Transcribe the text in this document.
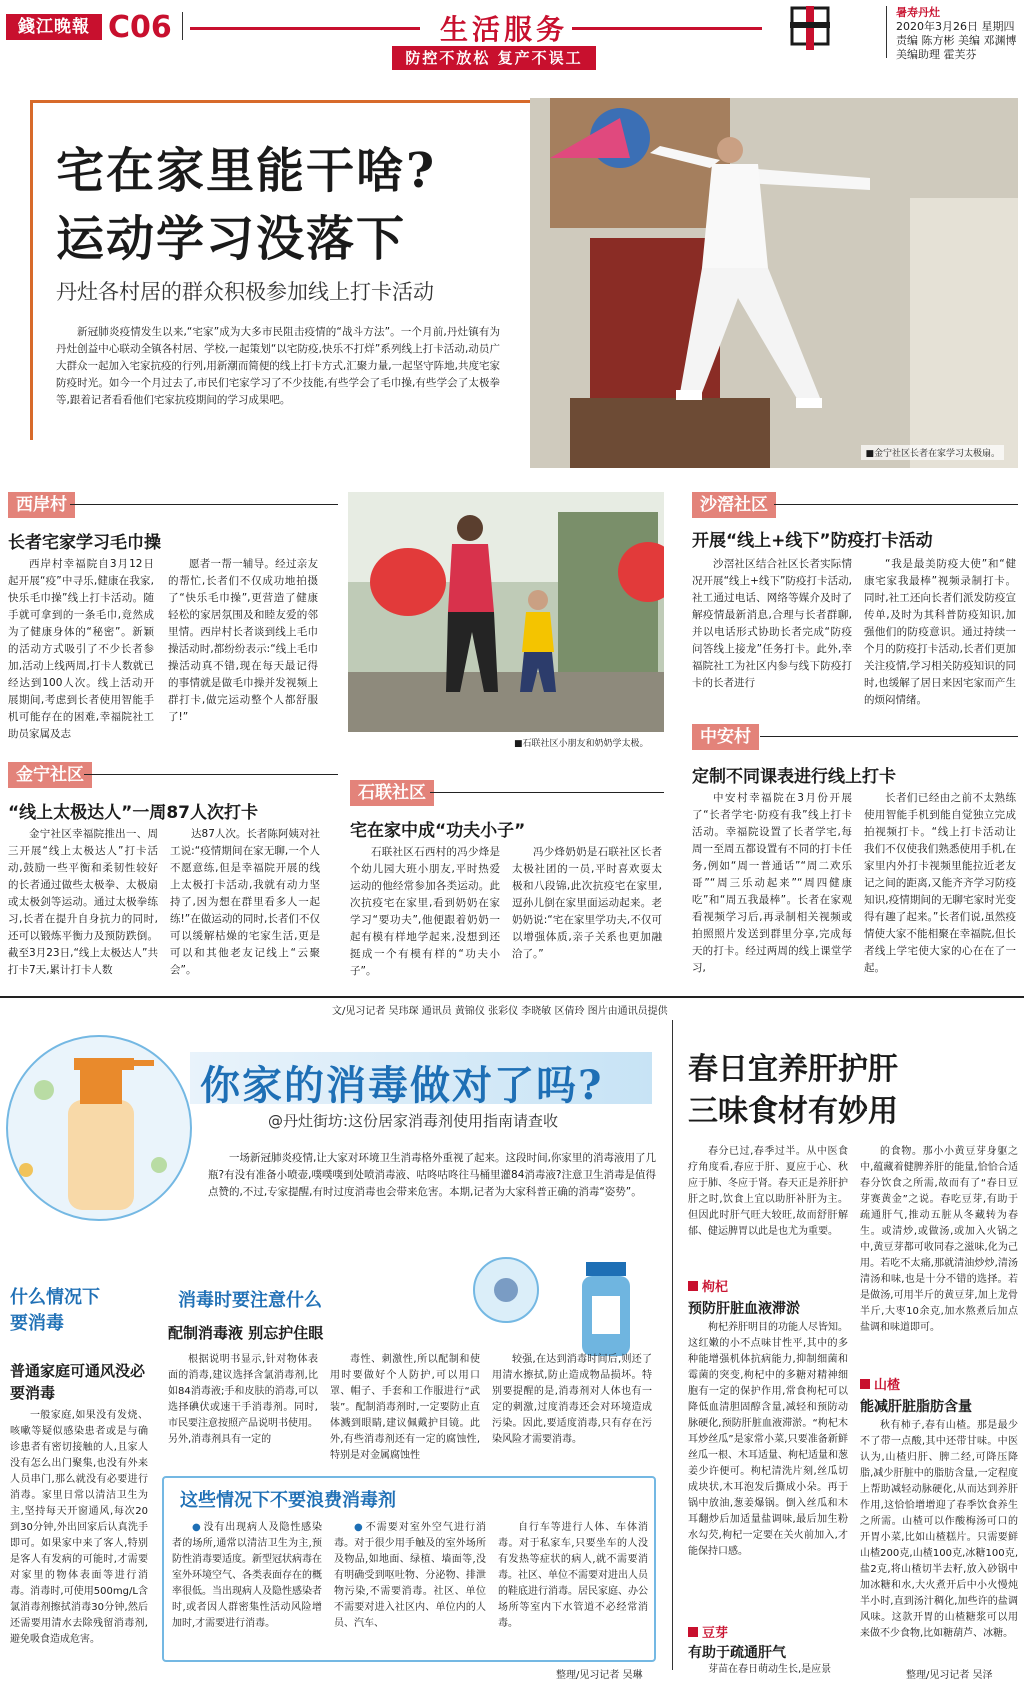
錢江晚報 C06	生活服务
防控不放松 复产不误工
暑寿丹灶
2020年3月26日 星期四
责编 陈方彬 美编 邓渊博
美编助理 霍芙芬
■金宁社区长者在家学习太极扇。
宅在家里能干啥?
运动学习没落下
丹灶各村居的群众积极参加线上打卡活动
新冠肺炎疫情发生以来,“宅家”成为大多市民阻击疫情的“战斗方法”。一个月前,丹灶镇有为丹灶创益中心联动全镇各村居、学校,一起策划“以宅防疫,快乐不打烊”系列线上打卡活动,动员广大群众一起加入宅家抗疫的行列,用新潮而简便的线上打卡方式,汇聚力量,一起坚守阵地,共度宅家防疫时光。如今一个月过去了,市民们宅家学习了不少技能,有些学会了毛巾操,有些学会了太极拳等,跟着记者看看他们宅家抗疫期间的学习成果吧。
西岸村
长者宅家学习毛巾操
西岸村幸福院自3月12日起开展“疫”中寻乐,健康在我家,快乐毛巾操”线上打卡活动。随手就可拿到的一条毛巾,竟然成为了健康身体的“秘密”。新颖的活动方式吸引了不少长者参加,活动上线两周,打卡人数就已经达到100人次。线上活动开展期间,考虑到长者使用智能手机可能存在的困难,幸福院社工助员家属及志
愿者一帮一辅导。经过亲友的帮忙,长者们不仅成功地拍摄了“快乐毛巾操”,更营造了健康轻松的家居氛围及和睦友爱的邻里情。西岸村长者谈到线上毛巾操活动时,都纷纷表示:“线上毛巾操活动真不错,现在每天最记得的事情就是做毛巾操并发视频上群打卡,做完运动整个人都舒服了!”
■石联社区小朋友和奶奶学太极。
沙滘社区
开展“线上+线下”防疫打卡活动
沙滘社区结合社区长者实际情况开展“线上+线下”防疫打卡活动,社工通过电话、网络等媒介及时了解疫情最新消息,合理与长者群聊,并以电话形式协助长者完成“防疫问答线上接龙”任务打卡。此外,幸福院社工为社区内参与线下防疫打卡的长者进行
“我是最美防疫大使”和“健康宅家我最棒”视频录制打卡。同时,社工还向长者们派发防疫宣传单,及时为其科普防疫知识,加强他们的防疫意识。通过持续一个月的防疫打卡活动,长者们更加关注疫情,学习相关防疫知识的同时,也缓解了居日来因宅家而产生的烦闷情绪。
中安村
定制不同课表进行线上打卡
中安村幸福院在3月份开展了“长者学宅·防疫有我”线上打卡活动。幸福院设置了长者学宅,每周一至周五都设置有不同的打卡任务,例如“周一普通话”“周二欢乐哥”“周三乐动起来”“周四健康吃”和“周五我最棒”。长者在家观看视频学习后,再录制相关视频或拍照照片发送到群里分享,完成每天的打卡。经过两周的线上课堂学习,
长者们已经由之前不太熟练使用智能手机到能自觉独立完成拍视频打卡。“线上打卡活动让我们不仅使我们熟悉使用手机,在家里内外打卡视频里能拉近老友记之间的距离,又能齐齐学习防疫知识,疫情期间的无聊宅家时光变得有趣了起来。”长者们说,虽然疫情使大家不能相聚在幸福院,但长者线上学宅使大家的心在在了一起。
金宁社区
“线上太极达人”一周87人次打卡
金宁社区幸福院推出一、周三开展“线上太极达人”打卡活动,鼓励一些平衡和柔韧性较好的长者通过做些太极拳、太极扇或太极剑等运动。通过太极拳练习,长者在提升自身抗力的同时,还可以锻炼平衡力及预防跌倒。截至3月23日,“线上太极达人”共打卡7天,累计打卡人数
达87人次。长者陈阿姨对社工说:“疫情期间在家无聊,一个人不愿意练,但是幸福院开展的线上太极打卡活动,我就有动力坚持了,因为想在群里看多人一起练!”在做运动的同时,长者们不仅可以缓解枯燥的宅家生活,更是可以和其他老友记线上“云聚会”。
石联社区
宅在家中成“功夫小子”
石联社区石西村的冯少烽是个幼儿园大班小朋友,平时热爱运动的他经常参加各类运动。此次抗疫宅在家里,看到奶奶在家学习“要功夫”,他便跟着奶奶一起有模有样地学起来,没想到还挺成一个有模有样的“功夫小子”。
冯少烽奶奶是石联社区长者太极社团的一员,平时喜欢耍太极和八段锦,此次抗疫宅在家里,逗孙儿倒在家里面运动起来。老奶奶说:“宅在家里学功夫,不仅可以增强体质,亲子关系也更加融洽了。”
文/见习记者 吴玮琛 通讯员 黄锦仪 张彩仪 李晓敏 区倩玲 图片由通讯员提供
你家的消毒做对了吗?
@丹灶街坊:这份居家消毒剂使用指南请查收
一场新冠肺炎疫情,让大家对环境卫生消毒格外重视了起来。这段时间,你家里的消毒液用了几瓶?有没有准备小喷壶,噗噗噗到处喷消毒液、咕咚咕咚往马桶里灌84消毒液?注意卫生消毒是值得点赞的,不过,专家提醒,有时过度消毒也会带来危害。本期,记者为大家科普正确的消毒“姿势”。
什么情况下要消毒
普通家庭可通风没必要消毒
一般家庭,如果没有发烧、咳嗽等疑似感染患者或是与确诊患者有密切接触的人,且家人没有怎么出门聚集,也没有外来人员串门,那么就没有必要进行消毒。家里日常以清洁卫生为主,坚持每天开窗通风,每次20到30分钟,外出回家后认真洗手即可。如果家中来了客人,特别是客人有发病的可能时,才需要对家里的物体表面等进行消毒。消毒时,可使用500mg/L含氯消毒剂擦拭消毒30分钟,然后还需要用清水去除残留消毒剂,避免吸食造成危害。
消毒时要注意什么
配制消毒液 别忘护住眼
根据说明书显示,针对物体表面的消毒,建议选择含氯消毒剂,比如84消毒液;手和皮肤的消毒,可以选择碘伏或速干手消毒剂。同时,市民要注意按照产品说明书使用。另外,消毒剂具有一定的
毒性、刺激性,所以配制和使用时要做好个人防护,可以用口罩、帽子、手套和工作服进行“武装”。配制消毒剂时,一定要防止直体溅到眼睛,建议佩戴护目镜。此外,有些消毒剂还有一定的腐蚀性,特别是对金属腐蚀性
较强,在达到消毒时间后,则还了用清水擦拭,防止造成物品损坏。特别要提醒的是,消毒剂对人体也有一定的刺激,过度消毒还会对环境造成污染。因此,要适度消毒,只有存在污染风险才需要消毒。
这些情况下不要浪费消毒剂
● 没有出现病人及隐性感染者的场所,通常以清洁卫生为主,预防性消毒要适度。新型冠状病毒在室外环境空气、各类表面存在的概率很低。当出现病人及隐性感染者时,或者因人群密集性活动风险增加时,才需要进行消毒。
● 不需要对室外空气进行消毒。对于很少用手触及的室外场所及物品,如地面、绿植、墙面等,没有明确受到呕吐物、分泌物、排泄物污染,不需要消毒。社区、单位不需要对进入社区内、单位内的人员、汽车、
自行车等进行人体、车体消毒。对于私家车,只要坐车的人没有发热等症状的病人,就不需要消毒。社区、单位不需要对进出人员的鞋底进行消毒。居民家庭、办公场所等室内下水管道不必经常消毒。
整理/见习记者 吴琳
春日宜养肝护肝
三味食材有妙用
春分已过,春季过半。从中医食疗角度看,春应于肝、夏应于心、秋应于肺、冬应于肾。春天正是养肝护肝之时,饮食上宜以助肝补肝为主。但因此时肝气旺大较旺,故而舒肝解郁、健运脾胃以此是也尤为重要。
的食物。那小小黄豆芽身躯之中,蕴藏着健脾养肝的能量,恰恰合适春分饮食之所需,故而有了“春日豆芽赛黄金”之说。春吃豆芽,有助于疏通肝气,推动五脏从冬藏转为春生。或清炒,或做汤,或加入火锅之中,黄豆芽都可收同春之滋味,化为己用。若吃不太痛,那就清油炒炒,清汤清汤和味,也是十分不错的选择。若是做汤,可用半斤的黄豆芽,加上龙骨半斤,大枣10余克,加水熬煮后加点盐调和味道即可。
枸杞
预防肝脏血液滞淤
枸杞养肝明目的功能人尽皆知。这红嫩的小不点味甘性平,其中的多种能增强机体抗病能力,抑制细菌和霉菌的突变,枸杞中的多糖对精神细胞有一定的保护作用,常食枸杞可以降低血清胆固醇含量,减轻和预防动脉硬化,预防肝脏血液滞淤。“枸杞木耳炒丝瓜”是家常小菜,只要准备新鲜丝瓜一根、木耳适量、枸杞适量和葱姜少许便可。枸杞清洗片刻,丝瓜切成块状,木耳泡发后撕成小朵。再于锅中放油,葱姜爆锅。倒入丝瓜和木耳翻炒后加适量盐调味,最后加生粉水勾芡,枸杞一定要在关火前加入,才能保持口感。
山楂
能减肝脏脂肪含量
秋有柿子,春有山楂。那是最少不了带一点酸,其中还带甘味。中医认为,山楂归肝、脾二经,可降压降脂,减少肝脏中的脂肪含量,一定程度上帮助减轻动脉硬化,从而达到养肝作用,这恰恰增增迎了春季饮食养生之所需。山楂可以作酸梅汤可口的开胃小菜,比如山楂糕片。只需要鲜山楂200克,山楂100克,冰糖100克,盐2克,将山楂切半去籽,放入砂锅中加冰糖和水,大火煮开后中小火慢炖半小时,直到汤汁稠化,加些许的盐调风味。这款开胃的山楂糖浆可以用来做不少食物,比如糖葫芦、冰糖。
豆芽
有助于疏通肝气
芽苗在春日萌动生长,是应景
整理/见习记者 吴泽
